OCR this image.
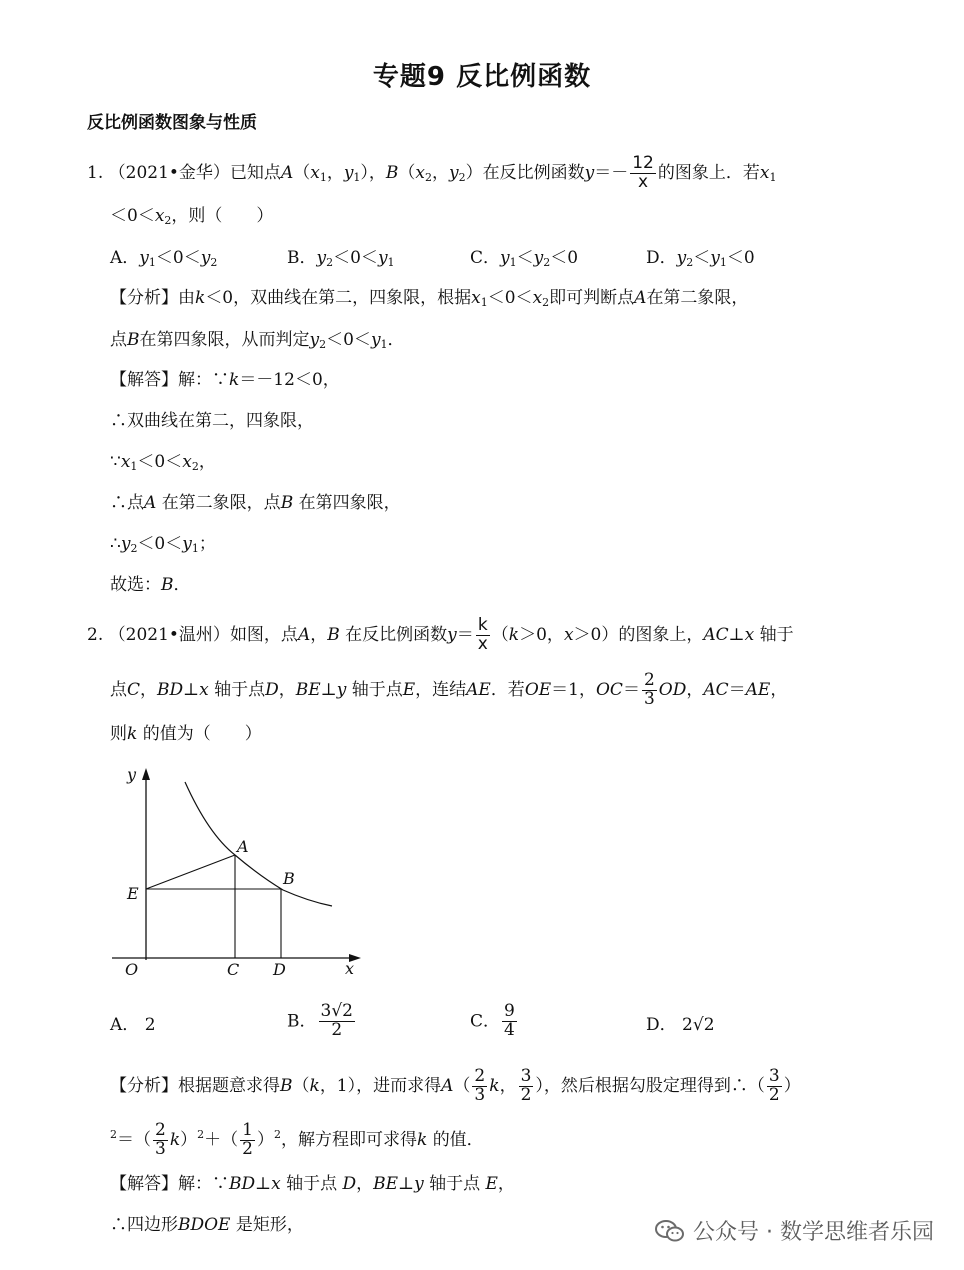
专题9 反比例函数
反比例函数图象与性质
1. （2021•金华）已知点$A(x_1$，$y_1$），$B(x_2$，$y_2$）在反比例函数$y=- \frac{12}{x}$ 的图象上．若$x_1$
$<0<x_2$，则（　　）
A．$y_1<0<y_2$	B．$y_2<0<y_1$	C．$y_1<y_2<0$	D．$y_2<y_1<0$
【分析】由k＜0，双曲线在第二，四象限，根据$x_1<0<x_2$即可判断点A在第二象限，
点B在第四象限，从而判定$y_2<0<y_1$．
【解答】解：∵k＝－12＜0，
∴双曲线在第二，四象限，
$\because x_1<0<x_2$，
∴点A 在第二象限，点B 在第四象限，
$\therefore y_2<0<y_1$；
故选：B．
2. （2021•温州）如图，点A，B 在反比例函数$y= \frac{k}{x} (k>0$，x＞0）的图象上，AC⊥x 轴于
点C，BD⊥x 轴于点D，BE⊥y 轴于点E，连结AE．若OE＝1，$OC= \frac{2}{3}$ OD，AC＝AE，
则k 的值为（　　）
y
x
O
A
B
C D
E
A． 2	B． $\frac{3√2}{2}$	C． $\frac{9}{4}$	D． 2√2
【分析】根据题意求得B（k，1），进而求得$A( \frac{2}{3}$ k， $\frac{3}{2}$ ），然后根据勾股定理得到∴（ $\frac{3}{2}$ ）
$^2=( \frac{2}{3} k)^2+( \frac{1}{2} )^2$，解方程即可求得k 的值．
【解答】解：∵BD⊥x 轴于点 D，BE⊥y 轴于点 E，
∴四边形BDOE 是矩形，	公众号 · 数学思维者乐园
